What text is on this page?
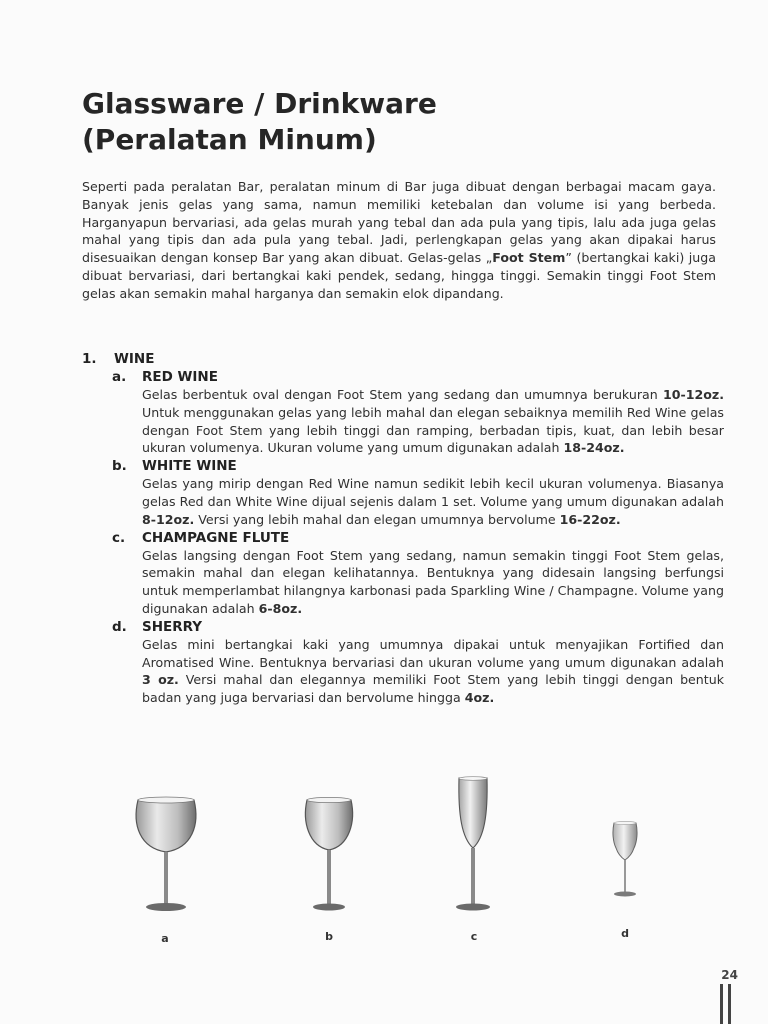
Glassware / Drinkware
(Peralatan Minum)

Seperti pada peralatan Bar, peralatan minum di Bar juga dibuat dengan berbagai macam gaya. Banyak jenis gelas yang sama, namun memiliki ketebalan dan volume isi yang berbeda. Harganyapun bervariasi, ada gelas murah yang tebal dan ada pula yang tipis, lalu ada juga gelas mahal yang tipis dan ada pula yang tebal. Jadi, perlengkapan gelas yang akan dipakai harus disesuaikan dengan konsep Bar yang akan dibuat. Gelas-gelas „Foot Stem” (bertangkai kaki) juga dibuat bervariasi, dari bertangkai kaki pendek, sedang, hingga tinggi. Semakin tinggi Foot Stem gelas akan semakin mahal harganya dan semakin elok dipandang.

1. WINE
a. RED WINE

Gelas berbentuk oval dengan Foot Stem yang sedang dan umumnya berukuran 10-12oz. Untuk menggunakan gelas yang lebih mahal dan elegan sebaiknya memilih Red Wine gelas dengan Foot Stem yang lebih tinggi dan ramping, berbadan tipis, kuat, dan lebih besar ukuran volumenya. Ukuran volume yang umum digunakan adalah 18-24oz.

b. WHITE WINE

Gelas yang mirip dengan Red Wine namun sedikit lebih kecil ukuran volumenya. Biasanya gelas Red dan White Wine dijual sejenis dalam 1 set. Volume yang umum digunakan adalah 8-12oz. Versi yang lebih mahal dan elegan umumnya bervolume 16-22oz.

c. CHAMPAGNE FLUTE

Gelas langsing dengan Foot Stem yang sedang, namun semakin tinggi Foot Stem gelas, semakin mahal dan elegan kelihatannya. Bentuknya yang didesain langsing berfungsi untuk memperlambat hilangnya karbonasi pada Sparkling Wine / Champagne. Volume yang digunakan adalah 6-8oz.

d. SHERRY

Gelas mini bertangkai kaki yang umumnya dipakai untuk menyajikan Fortified dan Aromatised Wine. Bentuknya bervariasi dan ukuran volume yang umum digunakan adalah 3 oz. Versi mahal dan elegannya memiliki Foot Stem yang lebih tinggi dengan bentuk badan yang juga bervariasi dan bervolume hingga 4oz.

a	b	c	d
24
